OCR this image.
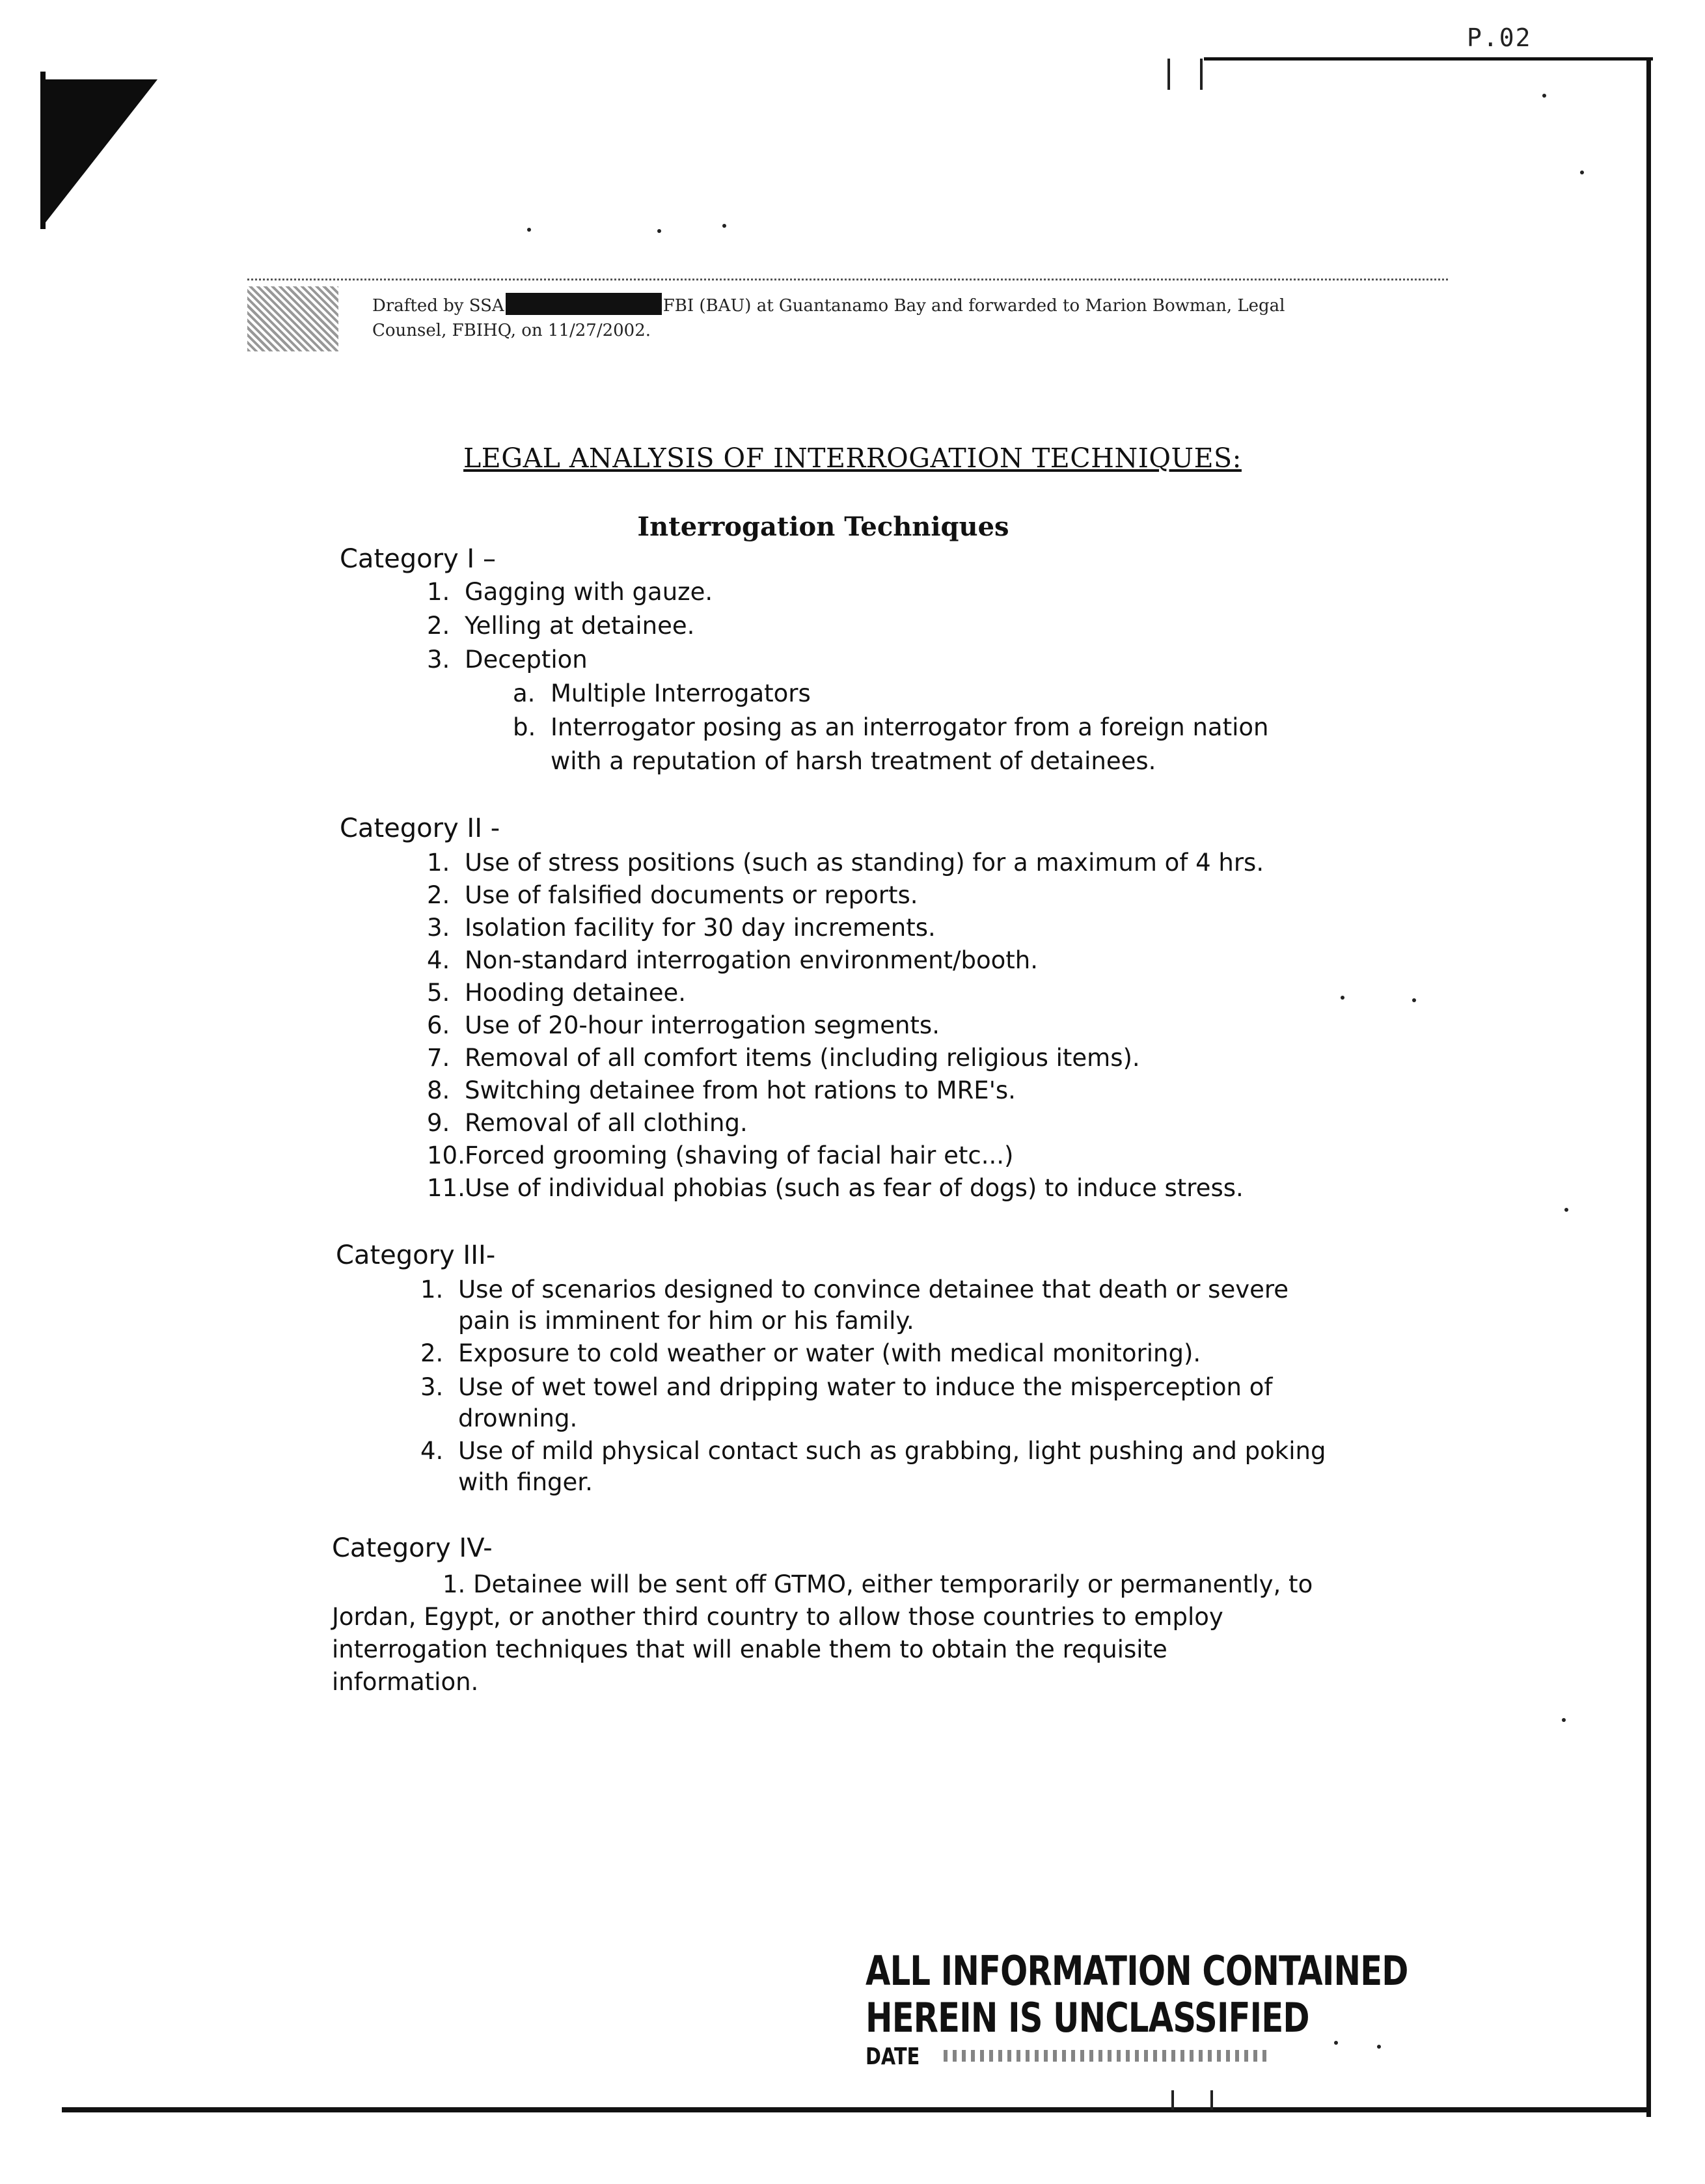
P.02
Drafted by SSA	FBI (BAU) at Guantanamo Bay and forwarded to Marion Bowman, Legal
Counsel, FBIHQ, on 11/27/2002.
LEGAL ANALYSIS OF INTERROGATION TECHNIQUES:
Interrogation Techniques
Category I –
1. Gagging with gauze.
2. Yelling at detainee.
3. Deception
a. Multiple Interrogators
b. Interrogator posing as an interrogator from a foreign nation
with a reputation of harsh treatment of detainees.
Category II -
1. Use of stress positions (such as standing) for a maximum of 4 hrs.
2. Use of falsified documents or reports.
3. Isolation facility for 30 day increments.
4. Non-standard interrogation environment/booth.
5. Hooding detainee.
6. Use of 20-hour interrogation segments.
7. Removal of all comfort items (including religious items).
8. Switching detainee from hot rations to MRE's.
9. Removal of all clothing.
10.Forced grooming (shaving of facial hair etc...)
11.Use of individual phobias (such as fear of dogs) to induce stress.
Category III-
1. Use of scenarios designed to convince detainee that death or severe
pain is imminent for him or his family.
2. Exposure to cold weather or water (with medical monitoring).
3. Use of wet towel and dripping water to induce the misperception of
drowning.
4. Use of mild physical contact such as grabbing, light pushing and poking
with finger.
Category IV-
1. Detainee will be sent off GTMO, either temporarily or permanently, to
Jordan, Egypt, or another third country to allow those countries to employ
interrogation techniques that will enable them to obtain the requisite
information.
ALL INFORMATION CONTAINED
HEREIN IS UNCLASSIFIED
DATE
